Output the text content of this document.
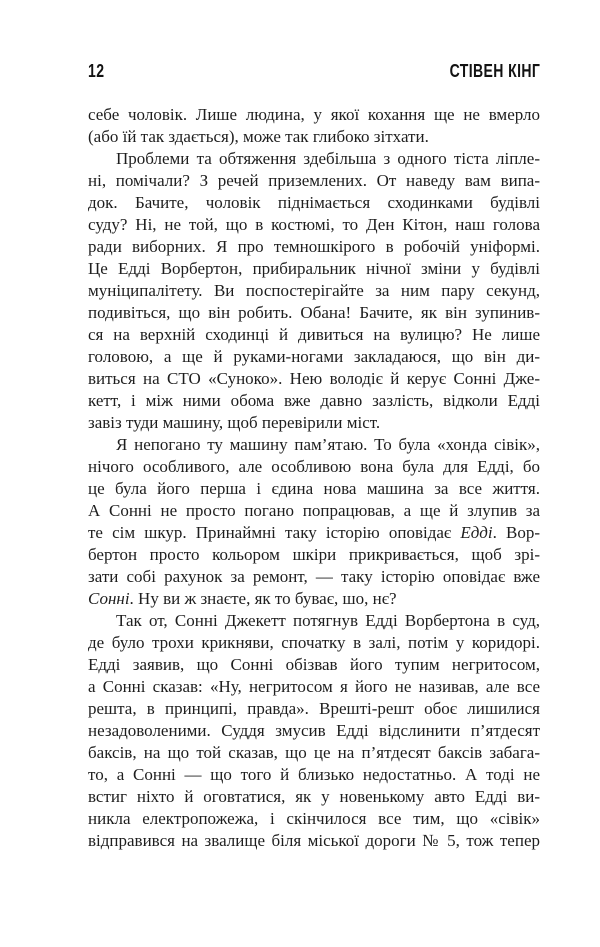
12	СТІВЕН КІНГ
себе чоловік. Лише людина, у якої кохання ще не вмерло
(або їй так здається), може так глибоко зітхати.
Проблеми та обтяження здебільша з одного тіста ліпле-
ні, помічали? З речей приземлених. От наведу вам випа-
док. Бачите, чоловік піднімається сходинками будівлі
суду? Ні, не той, що в костюмі, то Ден Кітон, наш голова
ради виборних. Я про темношкірого в робочій уніформі.
Це Едді Ворбертон, прибиральник нічної зміни у будівлі
муніципалітету. Ви поспостерігайте за ним пару секунд,
подивіться, що він робить. Обана! Бачите, як він зупинив-
ся на верхній сходинці й дивиться на вулицю? Не лише
головою, а ще й руками-ногами закладаюся, що він ди-
виться на СТО «Суноко». Нею володіє й керує Сонні Дже-
кетт, і між ними обома вже давно зазлість, відколи Едді
завіз туди машину, щоб перевірили міст.
Я непогано ту машину пам’ятаю. То була «хонда сівік»,
нічого особливого, але особливою вона була для Едді, бо
це була його перша і єдина нова машина за все життя.
А Сонні не просто погано попрацював, а ще й злупив за
те сім шкур. Принаймні таку історію оповідає Едді. Вор-
бертон просто кольором шкіри прикривається, щоб зрі-
зати собі рахунок за ремонт, — таку історію оповідає вже
Сонні. Ну ви ж знаєте, як то буває, шо, нє?
Так от, Сонні Джекетт потягнув Едді Ворбертона в суд,
де було трохи крикняви, спочатку в залі, потім у коридорі.
Едді заявив, що Сонні обізвав його тупим негритосом,
а Сонні сказав: «Ну, негритосом я його не називав, але все
решта, в принципі, правда». Врешті-решт обоє лишилися
незадоволеними. Суддя змусив Едді відслинити п’ятдесят
баксів, на що той сказав, що це на п’ятдесят баксів забага-
то, а Сонні — що того й близько недостатньо. А тоді не
встиг ніхто й оговтатися, як у новенькому авто Едді ви-
никла електропожежа, і скінчилося все тим, що «сівік»
відправився на звалище біля міської дороги № 5, тож тепер
